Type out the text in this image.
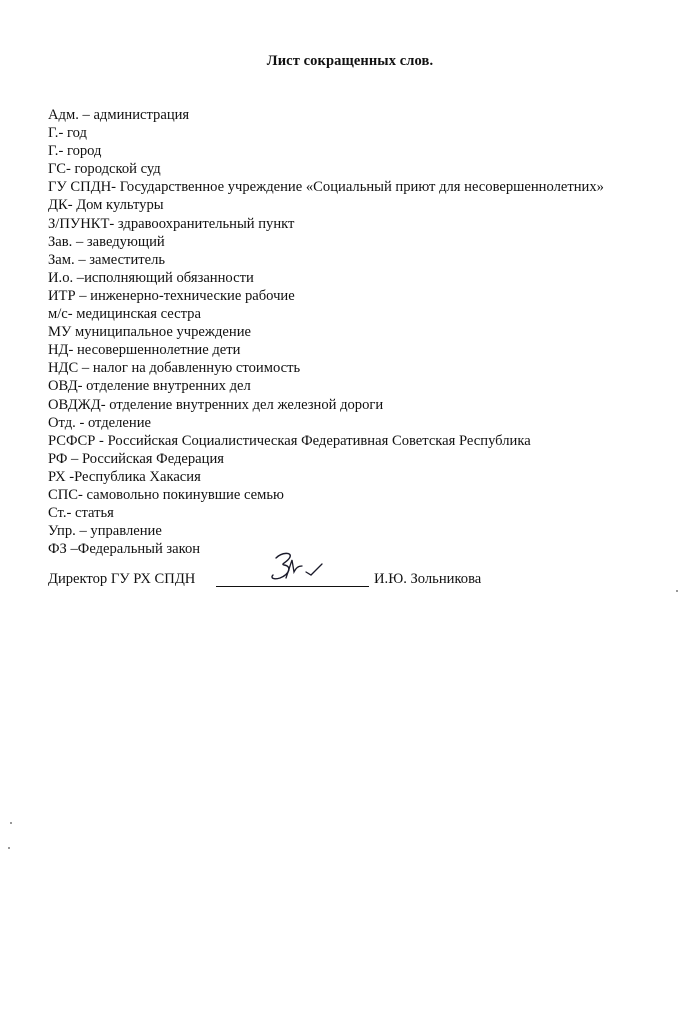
Лист сокращенных слов.
Адм. – администрация
Г.- год
Г.- город
ГС- городской суд
ГУ СПДН- Государственное учреждение «Социальный приют для несовершеннолетних»
ДК- Дом культуры
З/ПУНКТ- здравоохранительный пункт
Зав. – заведующий
Зам. – заместитель
И.о. –исполняющий обязанности
ИТР – инженерно-технические рабочие
м/с- медицинская сестра
МУ муниципальное учреждение
НД- несовершеннолетние дети
НДС – налог на добавленную стоимость
ОВД- отделение внутренних дел
ОВДЖД- отделение внутренних дел железной дороги
Отд. - отделение
РСФСР - Российская Социалистическая Федеративная Советская Республика
РФ – Российская Федерация
РХ -Республика Хакасия
СПС- самовольно покинувшие семью
Ст.- статья
Упр. – управление
ФЗ –Федеральный закон
Директор ГУ РХ СПДН	И.Ю. Зольникова
